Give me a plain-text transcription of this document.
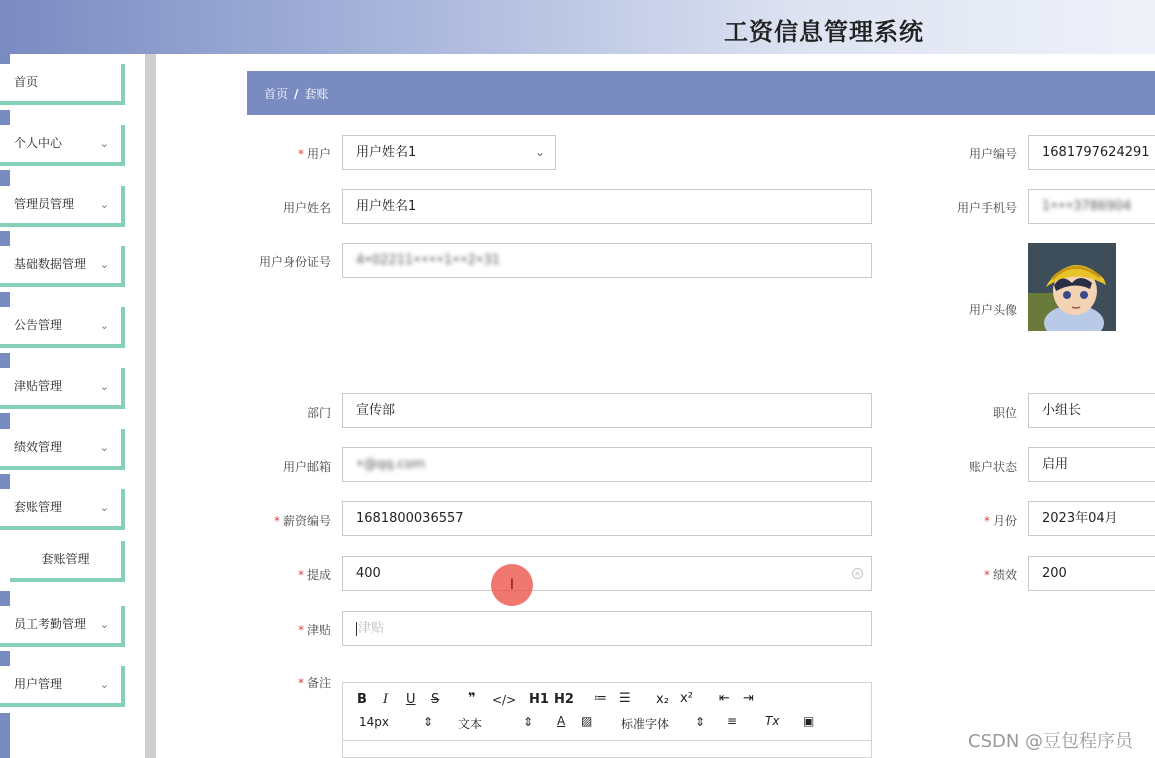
工资信息管理系统
首页
个人中心	⌄
管理员管理 ⌄
基础数据管理 ⌄
公告管理	⌄
津贴管理	⌄
绩效管理	⌄
套账管理	⌄
套账管理
员工考勤管理 ⌄
用户管理	⌄
首页 / 套账
* 用户	用户姓名1	⌄	用户编号	1681797624291
用户姓名	用户姓名1	用户手机号	1•••3786904
用户身份证号	4•02211••••1••2•31
用户头像
部门	宣传部	职位	小组长
用户邮箱	•@qq.com	账户状态	启用
* 薪资编号	1681800036557	* 月份	2023年04月
* 提成	400	×	* 绩效	200
* 津贴	津贴
* 备注
B I U S ❞ </> H1 H2 ≔ ☰ x₂ x² ⇤ ⇥
14px	⇕ 文本	⇕ A ▨ 标准字体 ⇕ ≡ Tx ▣
I
CSDN @豆包程序员
